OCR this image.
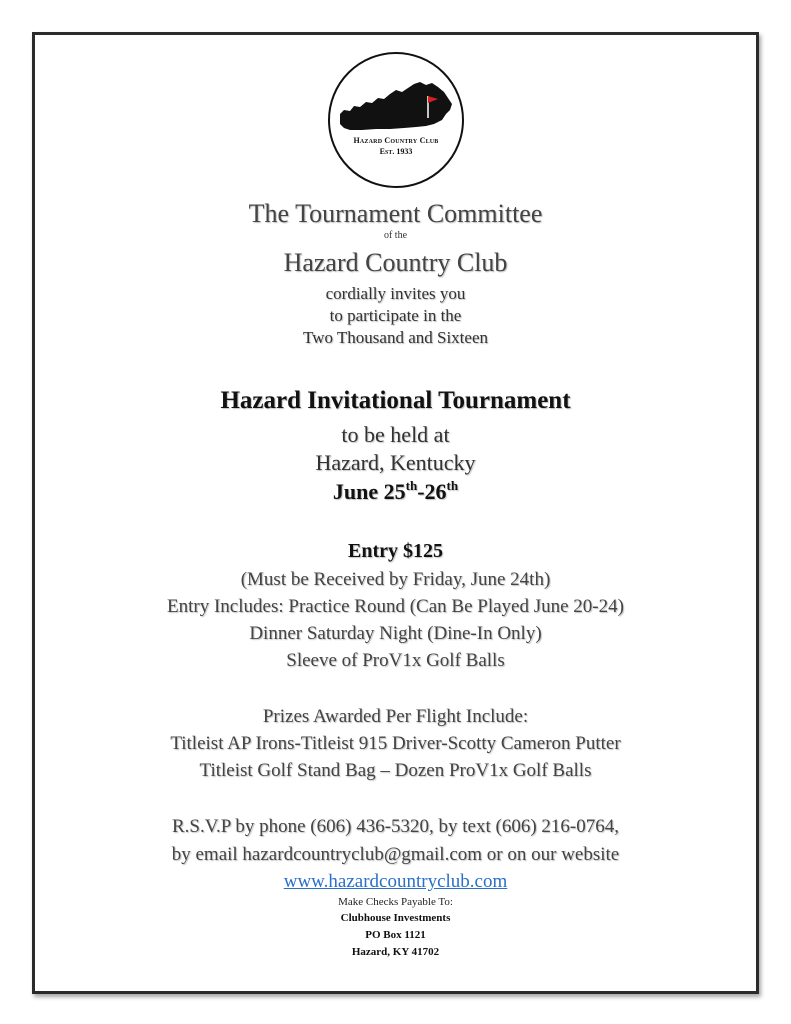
Hazard Country Club
Est. 1933
The Tournament Committee
of the
Hazard Country Club
cordially invites you
to participate in the
Two Thousand and Sixteen
Hazard Invitational Tournament
to be held at
Hazard, Kentucky
June 25th-26th
Entry $125
(Must be Received by Friday, June 24th)
Entry Includes: Practice Round (Can Be Played June 20-24)
Dinner Saturday Night (Dine-In Only)
Sleeve of ProV1x Golf Balls
Prizes Awarded Per Flight Include:
Titleist AP Irons-Titleist 915 Driver-Scotty Cameron Putter
Titleist Golf Stand Bag – Dozen ProV1x Golf Balls
R.S.V.P by phone (606) 436-5320, by text (606) 216-0764,
by email hazardcountryclub@gmail.com or on our website
www.hazardcountryclub.com
Make Checks Payable To:
Clubhouse Investments
PO Box 1121
Hazard, KY 41702
